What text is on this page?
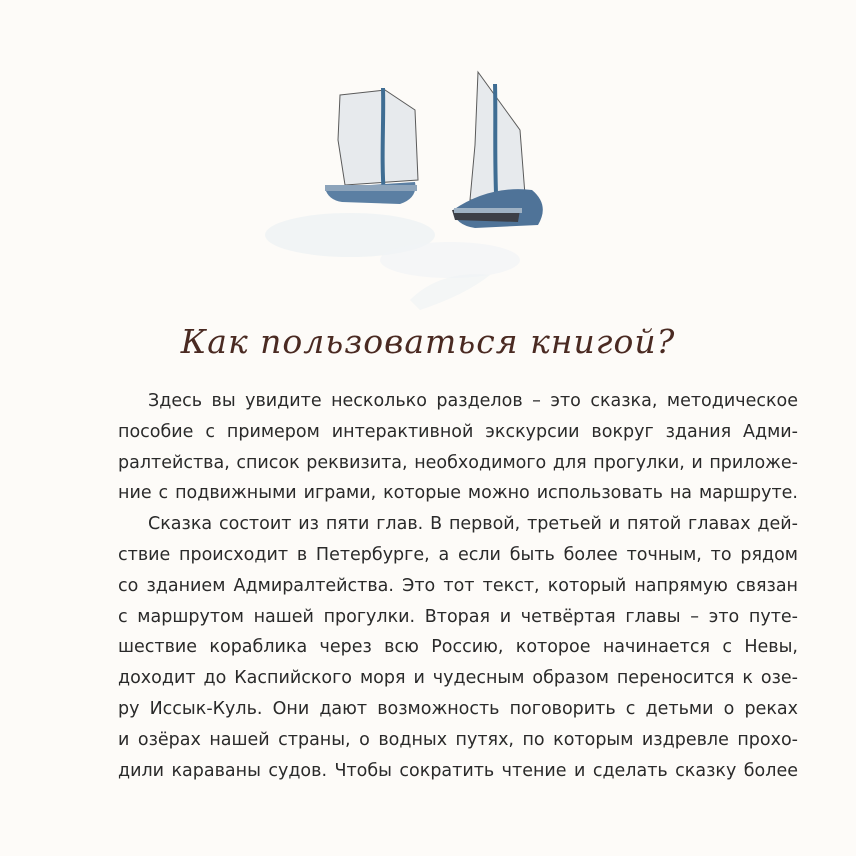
Как пользоваться книгой?
Здесь вы увидите несколько разделов – это сказка, методическое
пособие с примером интерактивной экскурсии вокруг здания Адми-
ралтейства, список реквизита, необходимого для прогулки, и приложе-
ние с подвижными играми, которые можно использовать на маршруте.
Сказка состоит из пяти глав. В первой, третьей и пятой главах дей-
ствие происходит в Петербурге, а если быть более точным, то рядом
со зданием Адмиралтейства. Это тот текст, который напрямую связан
с маршрутом нашей прогулки. Вторая и четвёртая главы – это путе-
шествие кораблика через всю Россию, которое начинается с Невы,
доходит до Каспийского моря и чудесным образом переносится к озе-
ру Иссык-Куль. Они дают возможность поговорить с детьми о реках
и озёрах нашей страны, о водных путях, по которым издревле прохо-
дили караваны судов. Чтобы сократить чтение и сделать сказку более
